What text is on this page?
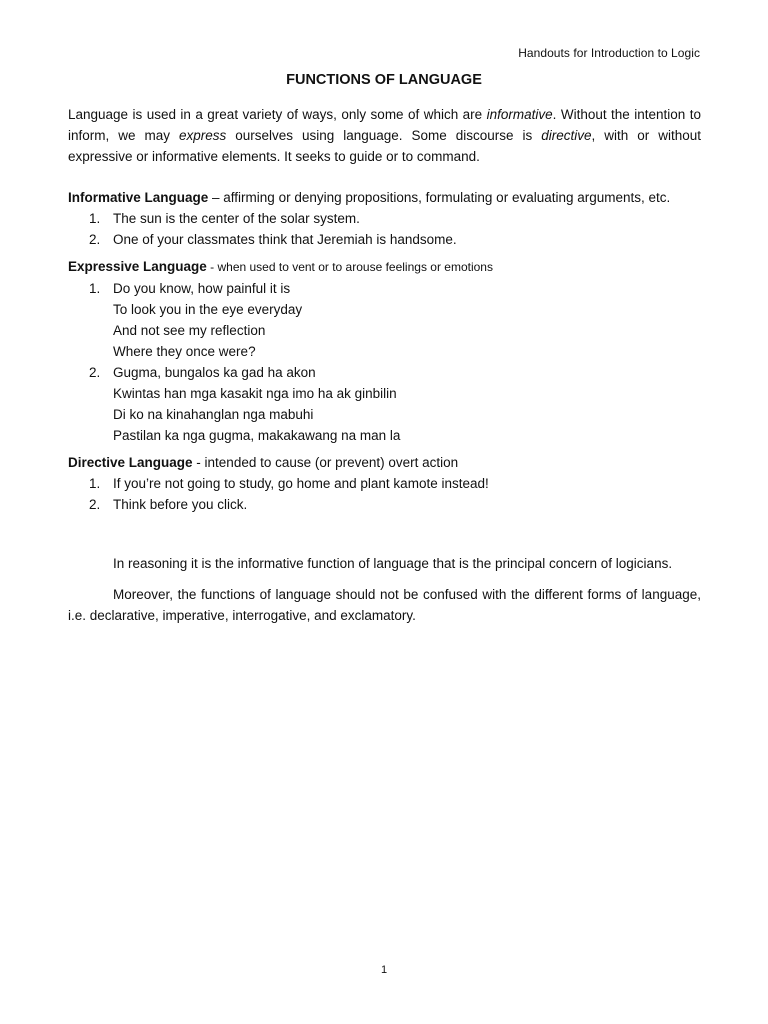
Handouts for Introduction to Logic
FUNCTIONS OF LANGUAGE

Language is used in a great variety of ways, only some of which are informative. Without the intention to inform, we may express ourselves using language. Some discourse is directive, with or without expressive or informative elements. It seeks to guide or to command.

Informative Language – affirming or denying propositions, formulating or evaluating arguments, etc.

1. The sun is the center of the solar system.
2. One of your classmates think that Jeremiah is handsome.

Expressive Language - when used to vent or to arouse feelings or emotions

1. Do you know, how painful it is
To look you in the eye everyday
And not see my reflection
Where they once were?
2. Gugma, bungalos ka gad ha akon
Kwintas han mga kasakit nga imo ha ak ginbilin
Di ko na kinahanglan nga mabuhi
Pastilan ka nga gugma, makakawang na man la

Directive Language - intended to cause (or prevent) overt action

1. If you’re not going to study, go home and plant kamote instead!
2. Think before you click.

In reasoning it is the informative function of language that is the principal concern of logicians.

Moreover, the functions of language should not be confused with the different forms of language, i.e. declarative, imperative, interrogative, and exclamatory.

1
